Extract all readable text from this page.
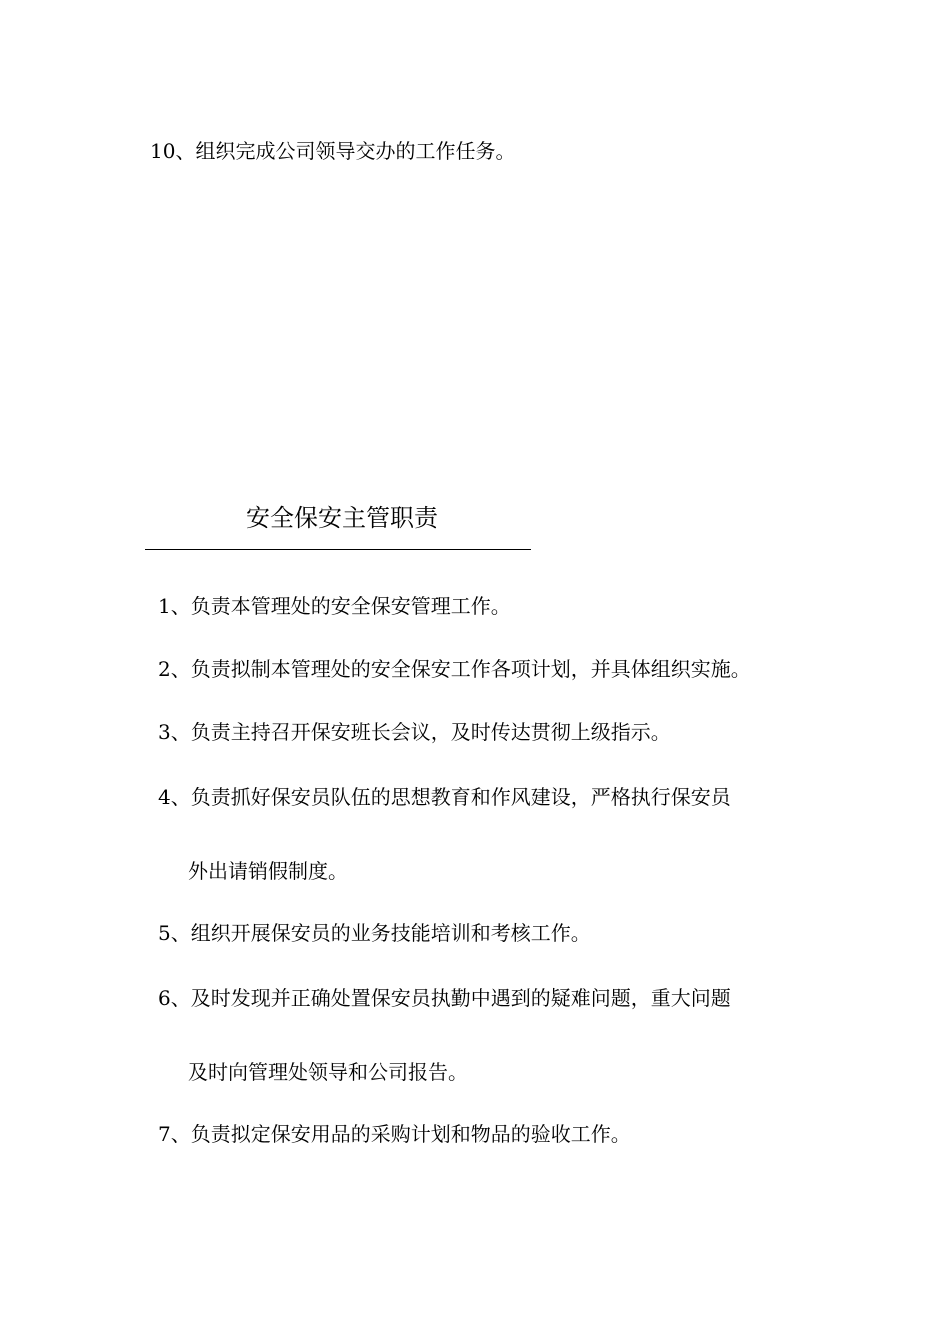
10、组织完成公司领导交办的工作任务。
安全保安主管职责
1、负责本管理处的安全保安管理工作。
2、负责拟制本管理处的安全保安工作各项计划，并具体组织实施。
3、负责主持召开保安班长会议，及时传达贯彻上级指示。
4、负责抓好保安员队伍的思想教育和作风建设，严格执行保安员
外出请销假制度。
5、组织开展保安员的业务技能培训和考核工作。
6、及时发现并正确处置保安员执勤中遇到的疑难问题，重大问题
及时向管理处领导和公司报告。
7、负责拟定保安用品的采购计划和物品的验收工作。
